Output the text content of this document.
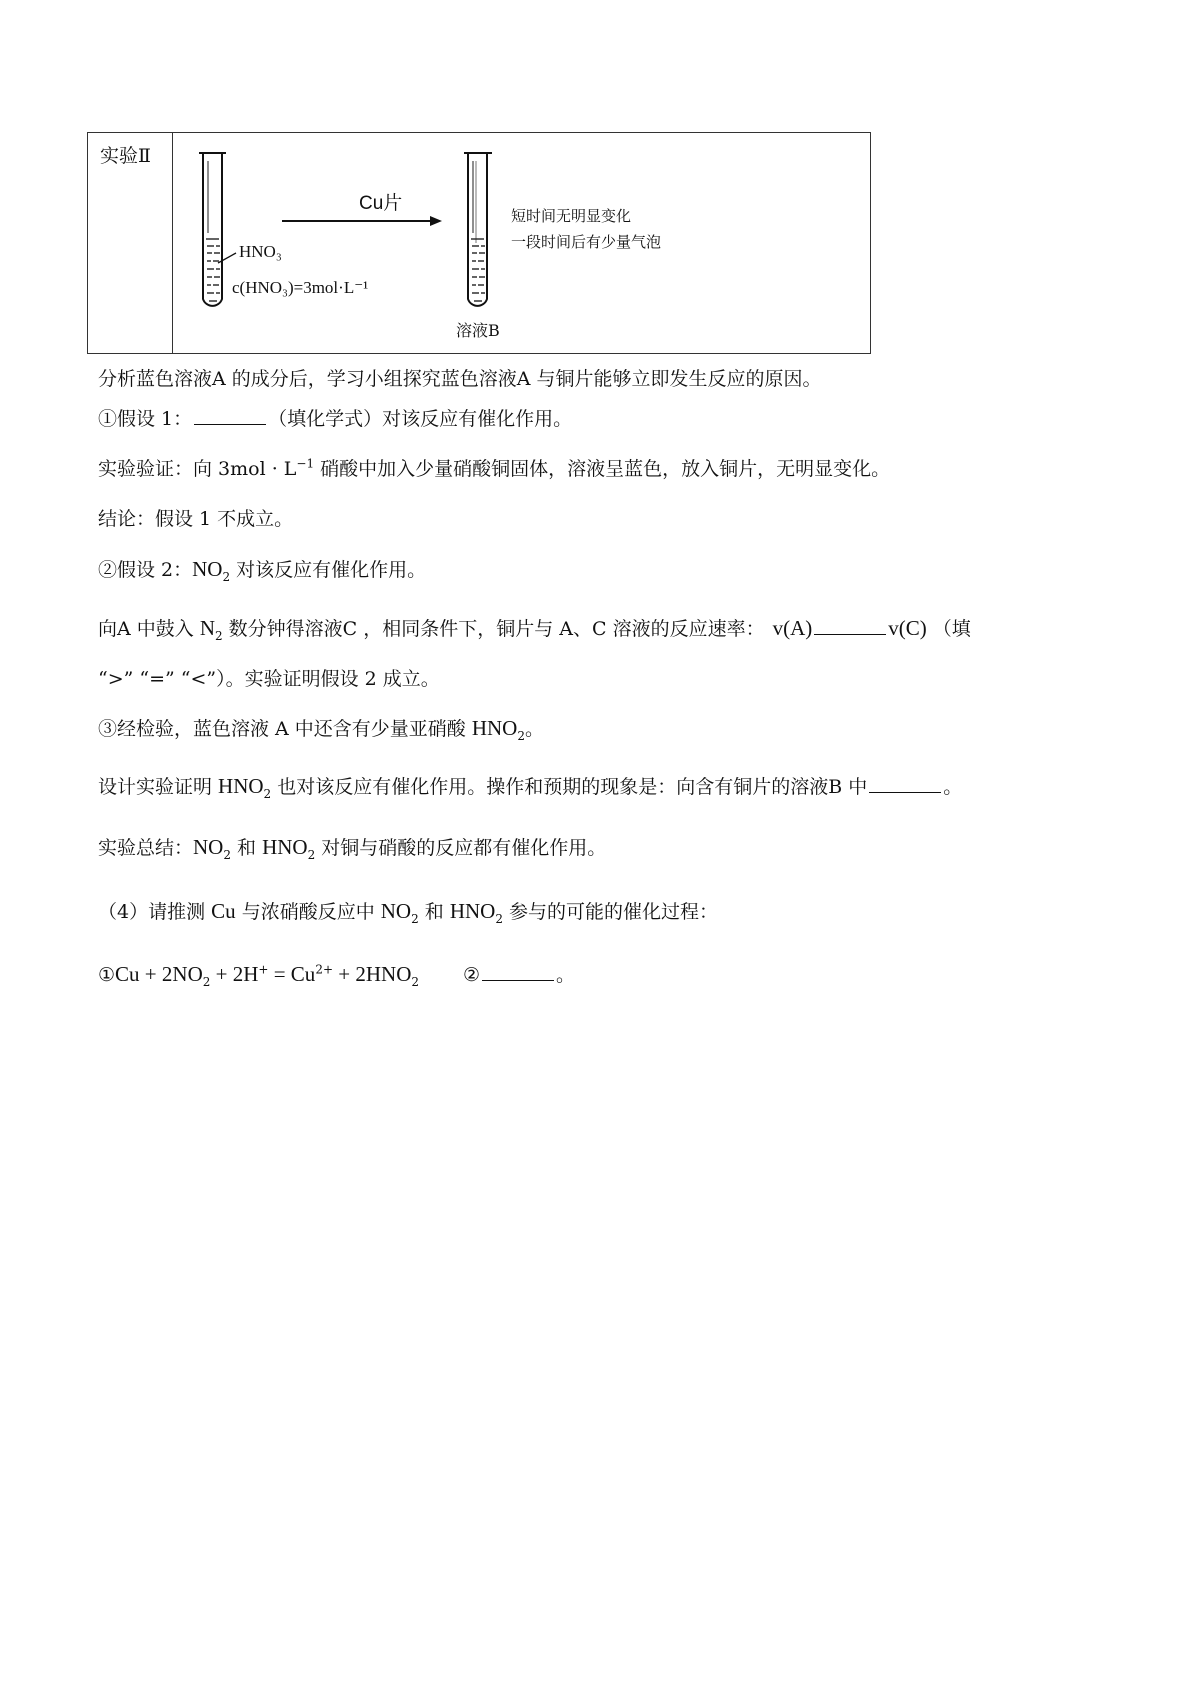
实验Ⅱ
Cu片
HNO₃
c(HNO₃)=3mol·L⁻¹
溶液B
短时间无明显变化
一段时间后有少量气泡
分析蓝色溶液A 的成分后，学习小组探究蓝色溶液A 与铜片能够立即发生反应的原因。
①假设 1：	（填化学式）对该反应有催化作用。
实验验证：向 $3mol \cdot L^{-1}$ 硝酸中加入少量硝酸铜固体，溶液呈蓝色，放入铜片，无明显变化。
结论：假设 1 不成立。
②假设 2：$NO_2$ 对该反应有催化作用。
向A 中鼓入 $N_2$ 数分钟得溶液C ，相同条件下，铜片与 A、C 溶液的反应速率： v(A)	v(C) （填
“>” “=” “<”）。实验证明假设 2 成立。
③经检验，蓝色溶液 A 中还含有少量亚硝酸 $HNO_2$。
设计实验证明 $HNO_2$ 也对该反应有催化作用。操作和预期的现象是：向含有铜片的溶液B 中	。
实验总结：$NO_2$ 和 $HNO_2$ 对铜与硝酸的反应都有催化作用。
（4）请推测 Cu 与浓硝酸反应中 $NO_2$ 和 $HNO_2$ 参与的可能的催化过程：
①Cu + $2NO_2 + 2H^+ = Cu^{2+} + 2HNO_2$ ②	。
